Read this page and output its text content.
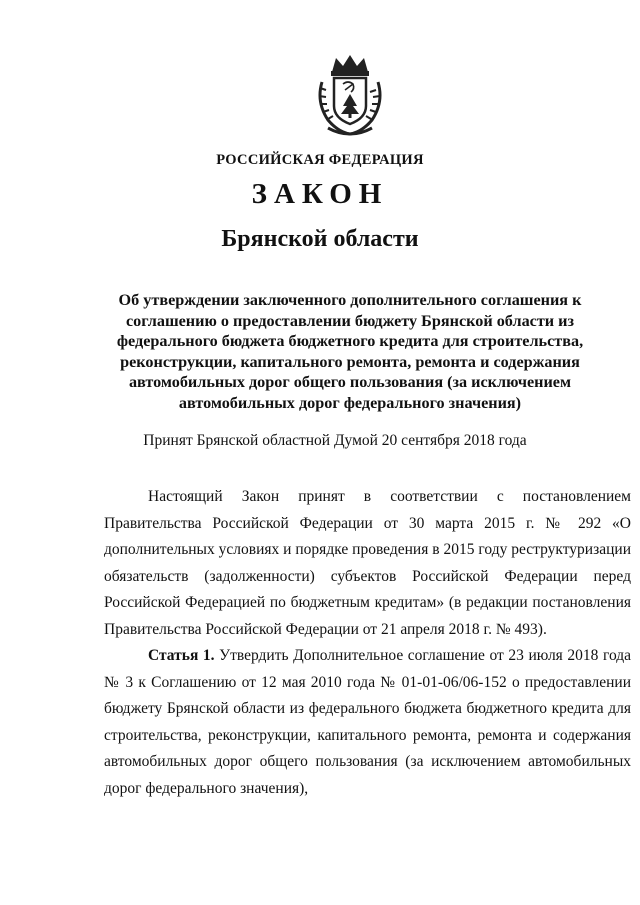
РОССИЙСКАЯ ФЕДЕРАЦИЯ
ЗАКОН
Брянской области
Об утверждении заключенного дополнительного соглашения к соглашению о предоставлении бюджету Брянской области из федерального бюджета бюджетного кредита для строительства, реконструкции, капитального ремонта, ремонта и содержания автомобильных дорог общего пользования (за исключением автомобильных дорог федерального значения)
Принят Брянской областной Думой 20 сентября 2018 года

Настоящий Закон принят в соответствии с постановлением Правительства Российской Федерации от 30 марта 2015 г. № 292 «О дополнительных условиях и порядке проведения в 2015 году реструктуризации обязательств (задолженности) субъектов Российской Федерации перед Российской Федерацией по бюджетным кредитам» (в редакции постановления Правительства Российской Федерации от 21 апреля 2018 г. № 493).

Статья 1. Утвердить Дополнительное соглашение от 23 июля 2018 года № 3 к Соглашению от 12 мая 2010 года № 01-01-06/06-152 о предоставлении бюджету Брянской области из федерального бюджета бюджетного кредита для строительства, реконструкции, капитального ремонта, ремонта и содержания автомобильных дорог общего пользования (за исключением автомобильных дорог федерального значения),
